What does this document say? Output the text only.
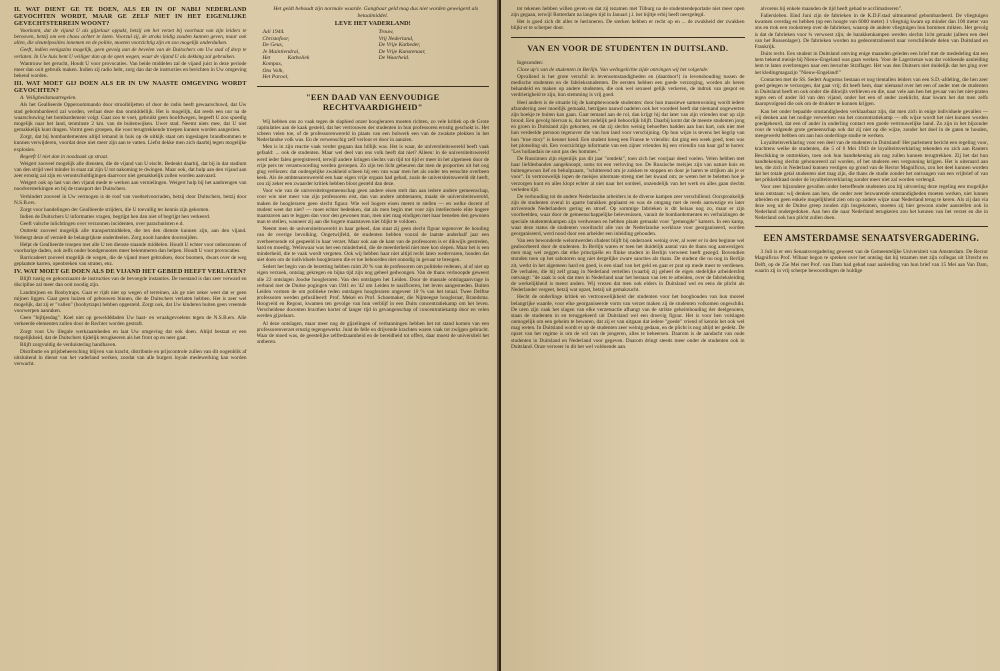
II. WAT DIENT GE TE DOEN, ALS ER IN OF NABIJ NEDERLAND GEVOCHTEN WORDT, MAAR GE ZELF NIET IN HET EIGENLIJKE GEVECHTSTERREIN WOONT?

Voorkomt, dat de vijand U als gijzelaar oppakt, betzij om het verzet bij voorbaat van zijn leiders te berooven, betzij om een chaos achter te laten. Voorzul zij, de straks leidig zouden kunnen geven, maar ook allen, die sleutelposities innemen en de politie, moeten voorzichtig zijn en zoo mogelijk onderduiken.

Geeft, indien eenigszins mogelijk, geen gevolg aan de bevelen van de Duitschers om Uw stad of dorp te verlaten. In Uw huis bent U veiliger dan op de open wegen, waar de vijand U als dekking zal gebruiken.

Wantrouw het gerucht, Houdt U voor provocaties. Van beide middelen zal de vijand juist in deze periode meer dan ooit gebruik maken. Indien zij radio hebt, zorg dan dat de instructies en berichten in Uw omgeving bekend worden.

III. WAT MOET GIJ DOEN ALS ER IN UW NAASTE OMGEVING WORDT GEVOCHTEN?

A. Veiligheidsmaatregelen.

Als het Geallieerde Opperoommando door strooibiljetten of door de radio heeft gewaarschuwd, dat Uw stad gebombardeerd zal worden, verlaat deze dan onmiddellijk. Het is mogelijk, dat reeds een uur na de waarschuwing het bombardement volgt. Gaat zoo te voet, gebruikt geen hoofdwegen, begeeft U zoo spoedig mogelijk naar het land, tenminste 2 km. van de buitenwijken. Uwer stad. Neemt niets mee, dat U niet gemakkelijk kunt dragen. Vormt geen groepen, die voor terugtrekkende troepen kunnen worden aangezien.

Zorgt, dat bij bombardementen altijd iemand in huis op de uitkijk staat om ingeslagen brandbommen te kunnen verwijderen, voordat deze niet meer zijn aan te vatten. Liefst dekke men zich daarbij tegen mogelijke explosies.

Begeeft U niet dan in noodzaak op straat.

Weigert zooveel mogelijk alle diensten, die de vijand van U eischt. Bedenkt daarbij, dat bij in dat stadium van den strijd veel minder in staat zal zijn U tot nakoming te dwingen. Maar ook, dat hulp aan den vijand aan zeer ernstig zal zijn en verontschuldigingen daarvoor niet gemakkelijk zullen worden aanvaard.

Weigert ook op last van den vijand mede te werken aan vernielingen. Weigert hulp bij het aanbrengen van noodversterkingen en bij de transport der Duitschers.

Verhindert zooveel in Uw vermogen is de roof van voedselvoorraden, betzij door Duitschers, betzij door N.S.B.ers.

Zorgt voor handelingen der Geallieerde strijders, die U toevallig ter kennis zijn gekomen.

Indien de Duitschers U informaties vragen, begrijpt hen dan niet of begrijpt hen verkeerd.

Geeft valsche inlichtingen over verzonnen incidenten, over parachutisten e.d.

Onttrekt zooveel mogelijk alle transportmiddelen, die ten den dienste kunnen zijn, aan den vijand. Verbergt deze of vernielt de belangrijkste onderdeelen. Zorg nooit handen doorsnijden.

Helpt de Geallieerde troepen met alle U ten dienste staande middelen. Houdt U echter voor onbezonnen of voorbarige daden, ook zelfs onder bondgenooten meer belemmeren dan helpen. Houdt U voor provocaties.

Barricadeert zooveel mogelijk de wegen, die de vijand moet gebruiken, door boomen, dwars over de weg geplaatste karren, openbreken van straten, enz.

IV. WAT MOET GE DOEN ALS DE VIJAND HET GEBIED HEEFT VERLATEN?

Blijft rustig en gehoorzaamt de instructies van de bevoegde instanties. De toestand is dan zeer verward en discipline zal meer dan ooit noodig zijn.

Landmijnen en Boobytraps. Gaat er rijdt niet op wegen of terreinen, als ge niet zeker weet dat er geen mijnen liggen. Gaat geen huizen of gebouwen binnen, die de Duitschers verlaten hebben. Het is zeer wel mogelijk, dat zij er "vallen" (boobytraps) hebben opgesteld. Zorgt ook, dat Uw kinderen buiten geen vreemde voorwerpen aanraken.

Geen "bijltjesdag". Koel niet op geweldddaden Uw haat- en wraakgevoelens tegen de N.S.B.ers. Alle verkeerde elementen zullen door de Rechter worden gestraft.

Zorgt voor Uw illegale werkzaamheden en laat Uw omgeving dat ook doen. Altijd bestaat er een mogelijkheid, dat de Duitschers tijdelijk terugkeeren als het front op en neer gaat.

Blijft zorgvuldig de verduistering handhaven.

Distributie en prijsbeheersching blijven van kracht, distributie en prijscontrole zullen van dit oogenblik af uitsluitend in dienst van het vaderland werken, zoodat van alle burgers loyale medewerking kan worden verwacht.

Het geldt behoudt zijn normale waarde. Gangbaar geld mag dus niet worden geweigerd als betaalmiddel.

LEVE HET VADERLAND!
Juli 1944.
Christofoor,
De Geus,
Je Maintiendrai,
Het Katholiek Kompas,
Ons Volk,
Het Parool,
Trouw,
Vrij Nederland,
De Vrije Katheder,
De Vrije Kunstenaar,
De Waarheid.
"EEN DAAD VAN EENVOUDIGE RECHTVAARDIGHEID"

Wij hebben ons zo vaak tegen de slaphied onzer hoogleraren moeten richten, zo vele kritiek op de Grote capitulaties aan de kaak gesteld, dat het vertrouwen der studenten in hun professoren ernstig geschokt is. Het scheen velen toe, of de professorenwereld in plaats van een bolwerk een van de zwakste plekken in het Nederlandse volk was. En de verwenschig zelf verloor er door in aanzien.

Men is in zijn reactie vaak verder gegaan dan billijk was. Het is waar, de universiteitswereld heeft vaak gefaald: ... ook de studenten. Maar wel deel van ons volk heeft dat niet? Alleen: in de universiteitswereld werd ieder falen geregistreerd, terwijl andere kringen slechts van tijd tot tijd er meer in het algemeen door de vrije pers ter verantwoording werden geroepen. Zo zijn ten licht gebeuren dat men de proporties uit het oog ging verliezen: dat ondergelijke zwakheid scheen bij een van waar men het als onder ten eenschte overbeen keek. Als de ambtenarenwereld een haar eigen vrije orgaan had gehad, zoals de universiteitswereld dit heeft, zou zij zeker een zwaarder kritiek hebben bloot gesteld dan deze.

Voor wie van de universiteitsgemeenschap geen andere eisen stelt dan aan iedere andere gemeenschap, voor wie niet meer van zijn professoren eist, dan van andere ambtenaren, maakt de universiteitswereld, maken de hoogleraren geen slecht figuur. Wie wel hogere eisen meent te stellen — en welke docent of student weet dat niet? — moet echter bedenken, dat als men begin met voor zijn intellectuele elite hogere maatstaven aan te leggen dan voor den gewonen man, men niet mag eindigen met haar beneden den gewonen man te stellen, wanneer zij aan die hogere maatstaven niet blijkt te voldoen.

Neemt men de universiteitswereld in haar geheel, dan staat zij geen slecht figuur tegenover de houding van de overige bevolking. Ongetwijfeld, de studenten hebben vooral de laatste anderhalf jaar een overheersende rol gespeeld in haar verzet. Maar ook aan de kant van de professoren is er dikwijls gestreden, hard en moedig. Weliswaar was het een minderheid, die de meerderheid niet mee kon slepen. Maar het is een minderheid, die te vaak wordt vergeten. Ook wij hebben haar niet altijd recht laten wedervaren, honden dat niet doen om de individuele hoogleraren die er toe behoorden niet onnodig in gevaar te brengen.

Sedert het begin van de bezetting hebben ruim 20 % van de professoren om politieke redenen, al of niet op eigen verzoek, ontslag gekregen en bijna tijd zijn nog geheel gedwongen. Van de thans verlooopde geweest alle 22 ontslagen Joodse hoogleraren. Van den ontslagen het Leiden. Door de massale ontslagaanvrage in verband met de Duitse pogingen van 1941 en '42 om Leiden te nazificeren, het leven aangesneden. Buiten Leiden vormen de om politieke reden ontslagen hoogleraren ongeveer 10 % van het totaal. Twee Delftse professoren werden gefusilleerd: Prof. Mekel en Prof. Schoemaker, die Nijmeegse hoogleraar, Brandsma. Hoogveld en Regout, kwamen ten gevolge van hun verblijf in een Duits concentratiekamp om het leven. Verscheidene docenten bracthen korter of langer tijd in gevangenschap of concentratiekamp door en velen werden gijzelaars.

Al deze ontslagen, maar meer nog de gijzelingen of verbanningen hebben het tot stand komen van een professorenverzet ernstig tegengewerkt. Juist de felle en drijvende krachten waren vaak tot zwijgen gebracht. Waar de moed was, de geestelijke zelfredzaamheid en de bereidheid tot offers, daar moest de universiteit het ontberen.

tot tekenen hebben willen geven en dat zij tezamen met Tilburg na de studentendeportatie niet meer open zijn gegaan, terwijl Rotterdam na langen tijd in Januari j.l. het bijltje erbij heeft neergelegd.

Het is goed zich dit alles te herinneren. De sterken hebben er recht op en ... de zwakheid der zwakken blijkt er te scherper door.

VAN EN VOOR DE STUDENTEN IN DUITSLAND.

Ingezonden:

Close up's van de studenten in Berlijn. Van welingelichte zijde ontvingen wij het volgende:

Opvallend is het grote verschil in levensomstandigheden en (daardoor!) in levenshouding tussen de medische studenten en de fabrieksstudenten. De eersten hebben een goede verzorging, worden als heren behandeld en maken op andere studenten, die ook wel sexueel gelijk verkeren, de indruk van gespot en verdrietigheid te zijn, hun stemming is vrij goed.

Heel anders is de situatie bij de kampbewoonde studenten: door hun massiewe samenwoning wordt iedere afzondering zeer moeilijk gemaakt, betrijpen nauwd nadelen ook het voordeel heeft dat niemand ongewerten zijn boekje te buiten kan gaan. Gaat temand aan de rol, dan krijgt hij dat later van zijn vrienden tour op zijn brood. Een gevolg hiervan is, dat het zedelijk peil behoorlijk blijft. Daarbij komt dat de meeste studenten jong en groen in Duitsland zijn gekomen, en dat zij slechts weinig behoeften hadden aan hun hart, ook niet met hun verdeelde persoon tegenover die van hun land voor verschijning. Op hun wijze is tevens het begrip van hun "true story" is kenner kend. Een student kreeg een Franse te vriendin: dat ging een week goed, toen was het plotseling uit. Een voorzichtige informatie van een zijner vrienden bij een vriendin van haar gaf te horen: "Les hollandais ne sont pas des hommes."

De Russinnen zijn eigenlijk pas dit jaar "ontdekt", toen zich het voorjaar deed voelen. Velen hebben met haar liefdesbanden aangeknoopt, soms tot een verloving toe. De Russische meisjes zijn van nature kuis en buitengewoon lief en behulpzaam, "schitterend om je zokken te stoppen en door je haren te strijken als je er voor". In vertrouwelijk lopen de meisjes uitermate streng met het kwaad om; ze weten het te beletten hoe je verzorgen kunt en alles klopt echter al niet naar het oordeel, onzendelijk van het werk en alles gaan slechts verleden tijd.

De verhouding tot de andere Nederlandse arbeiders in de diverse kampen zeer verschillend. Oorspronkelijk zijn de studenten overal in aparte barakken geplaatst en was de omgang met de reeds aanwezige en later arriverende Nederlanders gering en stroef. Op sommige fabrieken is dit helaas nog zo, maar er zijn voorbeelden, waar door de gemeenschappelijke belevenissen, vanuit de bombardementen en verhuizingen de speciale studentenkampen zijn verdwenen en hebben plaats gemaakt voor "gemengde" kamers. In een kamp, waar deze status de studenten voordracht alle van de Nederlandse werkloze voor georganiseerd, worden georganiseerd, werd nood door een arbeider een inleiding gehouden.

Van een bewonderde welontwerden sfudent blijft bij onderzoek weinig over, al weer er in den beginne wel geabsorbeerd door de studenten. In Berlijn waren er toen het duidelijk aantal van de thans nog aanwezigen: men mag wel zeggen dat elke principiële en flinke student in Berlijn verweest heeft gezegd. Bovendien stonden toen op het sabotoren nog niet dergelijke zware sancties als thans. De student die nu nog in Berlijn zit, werkt in het algemeen hard en goed, is een slaaf van het geld en gaat er prat op mede meer te verdienen. De verhalen, die hij zelf graag in Nederland vertellen (waarbij zij geheel de eigen stedelijke arbeidersfeit ontvangt: "de zaak is ook dat men in Nederland naar het bestaan van iets te arbeiden, over de fabrieksleiding de werkelijkheid is meest anders. Wij vrezen dat men ook elders in Duitsland wel en eens de plicht als Nederlander vergeet, betzij wat opzet, betzij uit gemakzucht.

Hecht de onderlinge kritiek en vertrouwelijkheid der studenten voor het hoogbouden van hun moreel belangrijke waarde, voor elke georganiseerde vorm van verzet maken zij de studenten volkomen ongeschikt. De uren zijn vaak het slagen van elke verzetsactie afhangt van de strikte geheimhouding der deelgenoten, staan de studenten in en teruggekeerd uit Duitsland wel een droevig figuur. Het is voor hen volslagen onmogelijk om een geheim te bewaren, dat zij er van uitgaan dat iedere "goede" vriend of kennis het ook wel mag weten. In Duitsland wordt er op de studenten zeer weinig gedaan, en de plicht is nog altijd ter gedekt. De opzet van het regime is om de wil van de jongeren, alles te beheersen. Daarom is de aandacht van oude studenten in Duitsland en Nederland voor gegeven. Daarom dringt steeds meer onder de studenten ook in Duitsland. Onze verweer in dit het wel voldoende aan.

alvorens hij enkele maanden de tijd heeft gehad te acclimatiseren".

Fallersleben. Eind Juni zijn de fabrieken in de K.D.F.stad uitmuntend gebombardeerd. De vliegtuigen kwamen overdag en hebben (op een hoogte van 6000 meter) 1 vliegtuig kwam op minder dan 100 meter van ons en trok een rookstreep over de fabrieken, waarop de andere vliegtuigen hun bommen mikten. Het gevolg is dat de fabrieken voor ¾ verwoest zijn; de barakkenkampen werden slechts licht geraakt (alleen een deel van het Russenlager). De fabrieken worden nu gedecentraliseerd naar verschillende delen van Duitsland en Frankrijk.

Duits recht. Een student in Duitsland ontving enige maanden geleden een brief met de mededeling dat een hem bekend meisje bij Nieuw-Engeland was gaan werken. Voor de Lagerzenze was dat voldoende aanleiding hem te laten overbrengen naar een beruchte Straflager. Het was den Duitsers niet duidelijk dat het ging over het kledingmagazijn "Nieuw-Engeland!"

Contacten met de SS. Sedert Augustus bestaan er nog tientallen leiders van een S.D.-afdeling, die hen zeer goed gelegen te verzorgen, dat gaat vrij; dit heeft hem, daar niemand over het een of ander met de studenten in Duitsland heeft en ook onder die dikwijls verbleven en die, naar vele aan hen het gevaar van het niet-praten tegen een of ander lid van den vijand, onder het een of ander zoeklicht, daar kwam het dat men zelfs daaropvolgend die ook om de drukker te kunnen krijgen.

Kan het onder bepaalde omstandigheden verklaarbaar zijn, dat men zich in enige individuele gevallen — wij denken aan het nodige verwerken van het concentratiekamp — elk wijze wordt het niet kunnen worden goedgekeurd, dat een of ander in onderling contact een goede vertrouwelijke band. Zo zijn in het bijzonder voor de volgende grote gemeenschap ook dat zij niet op die wijze, zonder het doel in de gaten te houden, meegewerkt hebben om aan hun onderlinge studie te werken.

Loyaliteitsverklaring voor een deel van de studenten in Duitsland! Het parlement bericht een regeling voor, krachtens welke de studenten, die 5 of 6 Mei 1943 de loyaliteitsverklaring tekenden en zich aan Rauters Bescikking te onttrekken, toen ook hun handtekening als nog zullen kunnen terugtrekken. Zij het dat hun handtekening slechts gehonoreerd zal worden, of het studeren een vergunning krijgen. Het is uiteraard aan hen, die zich in Nederland kunnen vestigen op grond van de Rector Magnificus, zou het deel kunnen worden dat het totale getal studenten niet mag zijn, die thans de studie zonder het ontvangen van een vrijbrief of van het prikkeldraad onder de loyaliteitsverklaring zonder meer niet zal worden verlengd.

Voor zeer bijzondere gevallen onder betreffende studenten zou bij uitvoering deze regeling een mogelijke keus ontstaan: wij denken aan hen, die onder zeer bezwarende omstandigheden moeten werken, niet lunnen arbeiden en geen enkele mogelijkheid zien om op andere wijze naar Nederland terug te keren. Als zij dan via deze weg uit de Duitse greep zouden zijn losgekomen, moeten zij hier gewoon onder aanstellen ook in Nederland ondergedoken. Aan hen die naar Nederland terugkeren zou het kennen van het verzet en die in Nederland ook hun plicht zullen doen.

EEN AMSTERDAMSE SENAATSVERGADERING.

3 Juli is er een Senaatsvergadering geweest van de Gemeentelijke Universiteit van Amsterdam. De Rector Magnificus Prof. Wibaut begon te spreken over het ontslag dat hij tezamen met zijn collegas uit Utrecht en Delft, op de 25e Mei met Prof. van Dam had gehad naar aanleiding van hun brief van 15 Mei aan Van Dam, waarin zij in vrij scherpe bewoordingen de huldige
